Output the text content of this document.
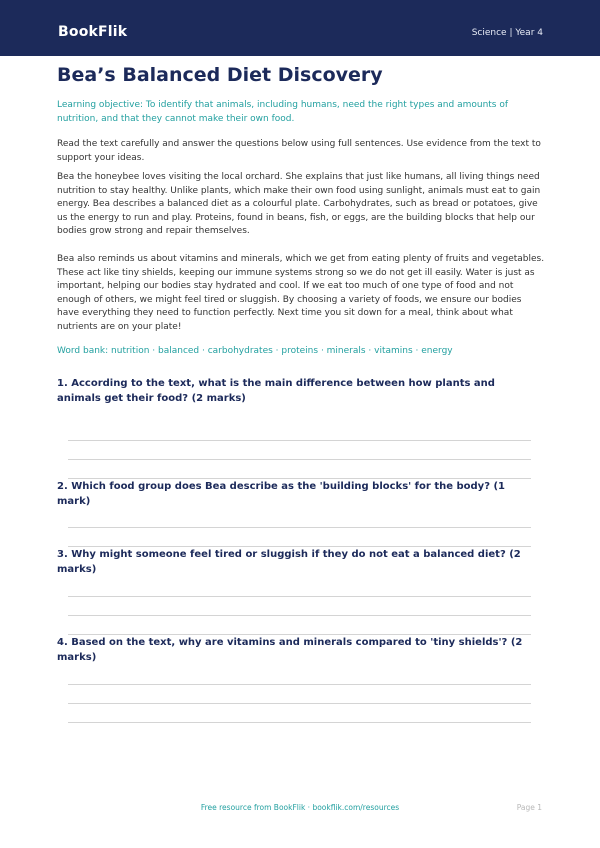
BookFlik	Science | Year 4
Bea’s Balanced Diet Discovery
Learning objective: To identify that animals, including humans, need the right types and amounts of nutrition, and that they cannot make their own food.
Read the text carefully and answer the questions below using full sentences. Use evidence from the text to support your ideas.
Bea the honeybee loves visiting the local orchard. She explains that just like humans, all living things need nutrition to stay healthy. Unlike plants, which make their own food using sunlight, animals must eat to gain energy. Bea describes a balanced diet as a colourful plate. Carbohydrates, such as bread or potatoes, give us the energy to run and play. Proteins, found in beans, fish, or eggs, are the building blocks that help our bodies grow strong and repair themselves.
Bea also reminds us about vitamins and minerals, which we get from eating plenty of fruits and vegetables. These act like tiny shields, keeping our immune systems strong so we do not get ill easily. Water is just as important, helping our bodies stay hydrated and cool. If we eat too much of one type of food and not enough of others, we might feel tired or sluggish. By choosing a variety of foods, we ensure our bodies have everything they need to function perfectly. Next time you sit down for a meal, think about what nutrients are on your plate!
Word bank: nutrition · balanced · carbohydrates · proteins · minerals · vitamins · energy
1. According to the text, what is the main difference between how plants and animals get their food? (2 marks)
2. Which food group does Bea describe as the 'building blocks' for the body? (1 mark)
3. Why might someone feel tired or sluggish if they do not eat a balanced diet? (2 marks)
4. Based on the text, why are vitamins and minerals compared to 'tiny shields'? (2 marks)
Free resource from BookFlik · bookflik.com/resources	Page 1
